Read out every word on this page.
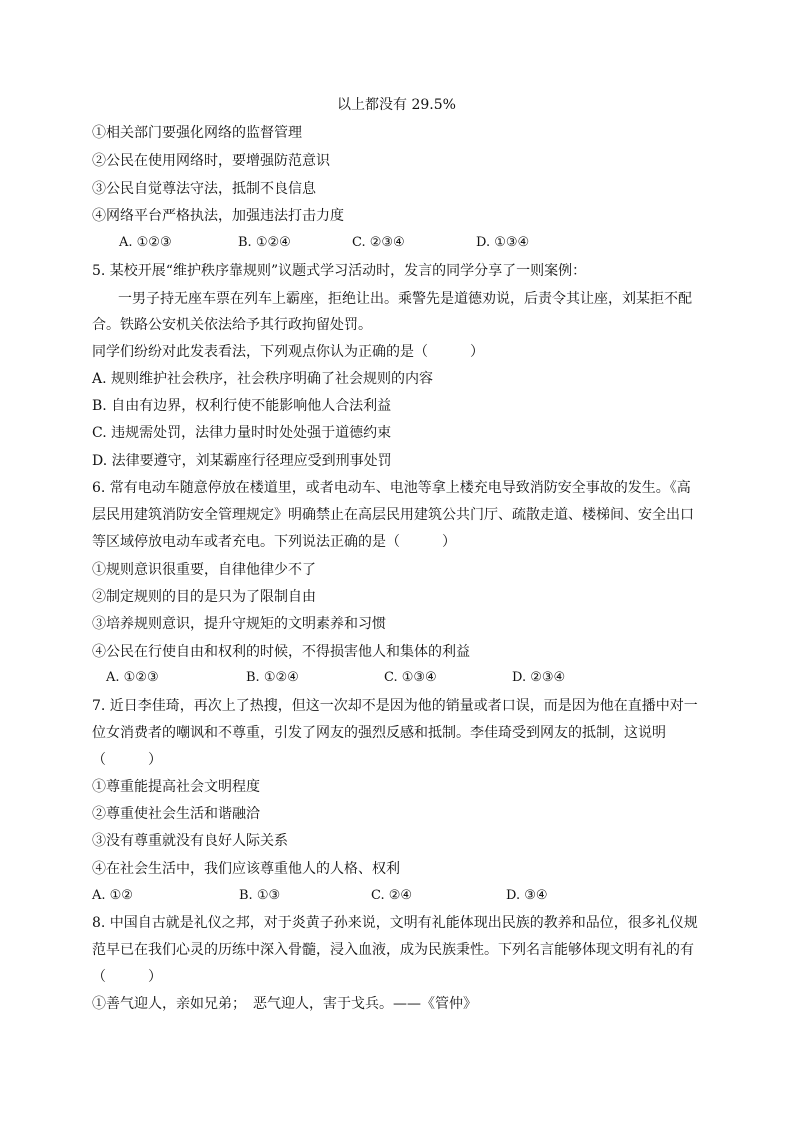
以上都没有 29.5%
①相关部门要强化网络的监督管理
②公民在使用网络时，要增强防范意识
③公民自觉尊法守法，抵制不良信息
④网络平台严格执法，加强违法打击力度
A. ①②③	B. ①②④	C. ②③④	D. ①③④
5. 某校开展“维护秩序靠规则”议题式学习活动时，发言的同学分享了一则案例：
一男子持无座车票在列车上霸座，拒绝让出。乘警先是道德劝说，后责令其让座，刘某拒不配
合。铁路公安机关依法给予其行政拘留处罚。
同学们纷纷对此发表看法，下列观点你认为正确的是（　　　）
A. 规则维护社会秩序，社会秩序明确了社会规则的内容
B. 自由有边界，权利行使不能影响他人合法利益
C. 违规需处罚，法律力量时时处处强于道德约束
D. 法律要遵守，刘某霸座行径理应受到刑事处罚
6. 常有电动车随意停放在楼道里，或者电动车、电池等拿上楼充电导致消防安全事故的发生。《高
层民用建筑消防安全管理规定》明确禁止在高层民用建筑公共门厅、疏散走道、楼梯间、安全出口
等区域停放电动车或者充电。下列说法正确的是（　　　）
①规则意识很重要，自律他律少不了
②制定规则的目的是只为了限制自由
③培养规则意识，提升守规矩的文明素养和习惯
④公民在行使自由和权利的时候，不得损害他人和集体的利益
A. ①②③	B. ①②④	C. ①③④	D. ②③④
7. 近日李佳琦，再次上了热搜，但这一次却不是因为他的销量或者口误，而是因为他在直播中对一
位女消费者的嘲讽和不尊重，引发了网友的强烈反感和抵制。李佳琦受到网友的抵制，这说明
（　　　）
①尊重能提高社会文明程度
②尊重使社会生活和谐融洽
③没有尊重就没有良好人际关系
④在社会生活中，我们应该尊重他人的人格、权利
A. ①②	B. ①③	C. ②④	D. ③④
8. 中国自古就是礼仪之邦，对于炎黄子孙来说，文明有礼能体现出民族的教养和品位，很多礼仪规
范早已在我们心灵的历练中深入骨髓，浸入血液，成为民族秉性。下列名言能够体现文明有礼的有
（　　　）
①善气迎人，亲如兄弟；　恶气迎人，害于戈兵。——《管仲》
